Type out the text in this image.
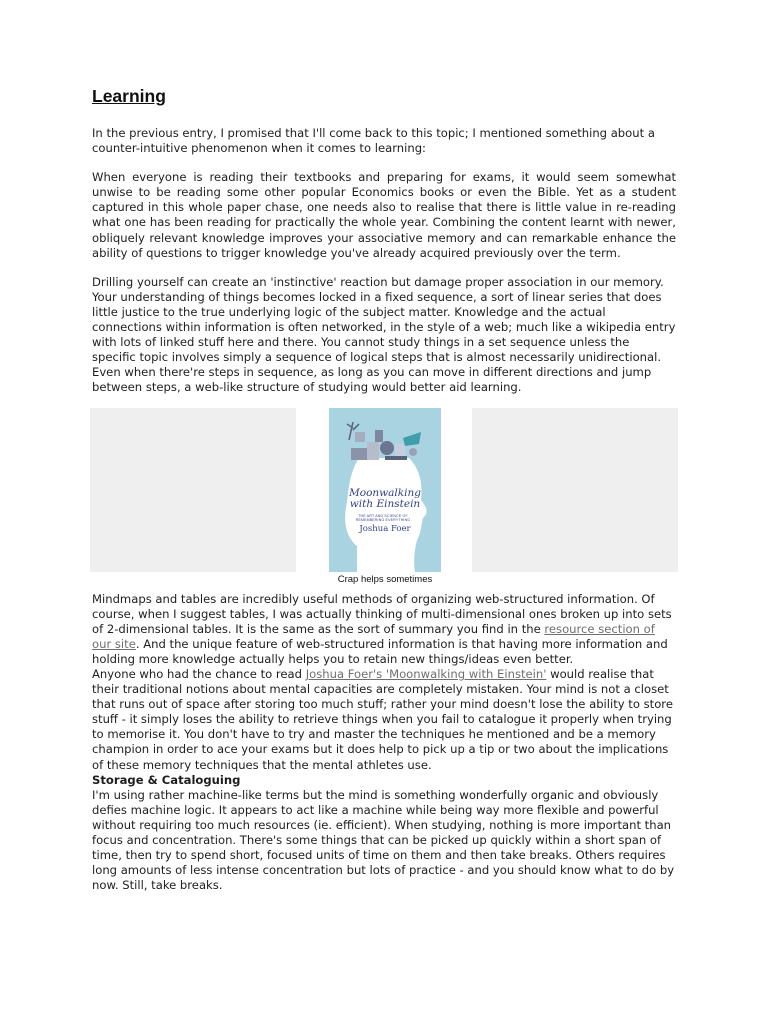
Learning

In the previous entry, I promised that I'll come back to this topic; I mentioned something about a counter-intuitive phenomenon when it comes to learning:

When everyone is reading their textbooks and preparing for exams, it would seem somewhat unwise to be reading some other popular Economics books or even the Bible. Yet as a student captured in this whole paper chase, one needs also to realise that there is little value in re-reading what one has been reading for practically the whole year. Combining the content learnt with newer, obliquely relevant knowledge improves your associative memory and can remarkable enhance the ability of questions to trigger knowledge you've already acquired previously over the term.

Drilling yourself can create an 'instinctive' reaction but damage proper association in our memory. Your understanding of things becomes locked in a fixed sequence, a sort of linear series that does little justice to the true underlying logic of the subject matter. Knowledge and the actual connections within information is often networked, in the style of a web; much like a wikipedia entry with lots of linked stuff here and there. You cannot study things in a set sequence unless the specific topic involves simply a sequence of logical steps that is almost necessarily unidirectional. Even when there're steps in sequence, as long as you can move in different directions and jump between steps, a web-like structure of studying would better aid learning.

Moonwalking
with Einstein
THE ART AND SCIENCE OF
REMEMBERING EVERYTHING
Joshua Foer
Crap helps sometimes

Mindmaps and tables are incredibly useful methods of organizing web-structured information. Of course, when I suggest tables, I was actually thinking of multi-dimensional ones broken up into sets of 2-dimensional tables. It is the same as the sort of summary you find in the resource section of our site. And the unique feature of web-structured information is that having more information and holding more knowledge actually helps you to retain new things/ideas even better.

Anyone who had the chance to read Joshua Foer's 'Moonwalking with Einstein' would realise that their traditional notions about mental capacities are completely mistaken. Your mind is not a closet that runs out of space after storing too much stuff; rather your mind doesn't lose the ability to store stuff - it simply loses the ability to retrieve things when you fail to catalogue it properly when trying to memorise it. You don't have to try and master the techniques he mentioned and be a memory champion in order to ace your exams but it does help to pick up a tip or two about the implications of these memory techniques that the mental athletes use.

Storage & Cataloguing

I'm using rather machine-like terms but the mind is something wonderfully organic and obviously defies machine logic. It appears to act like a machine while being way more flexible and powerful without requiring too much resources (ie. efficient). When studying, nothing is more important than focus and concentration. There's some things that can be picked up quickly within a short span of time, then try to spend short, focused units of time on them and then take breaks. Others requires long amounts of less intense concentration but lots of practice - and you should know what to do by now. Still, take breaks.
